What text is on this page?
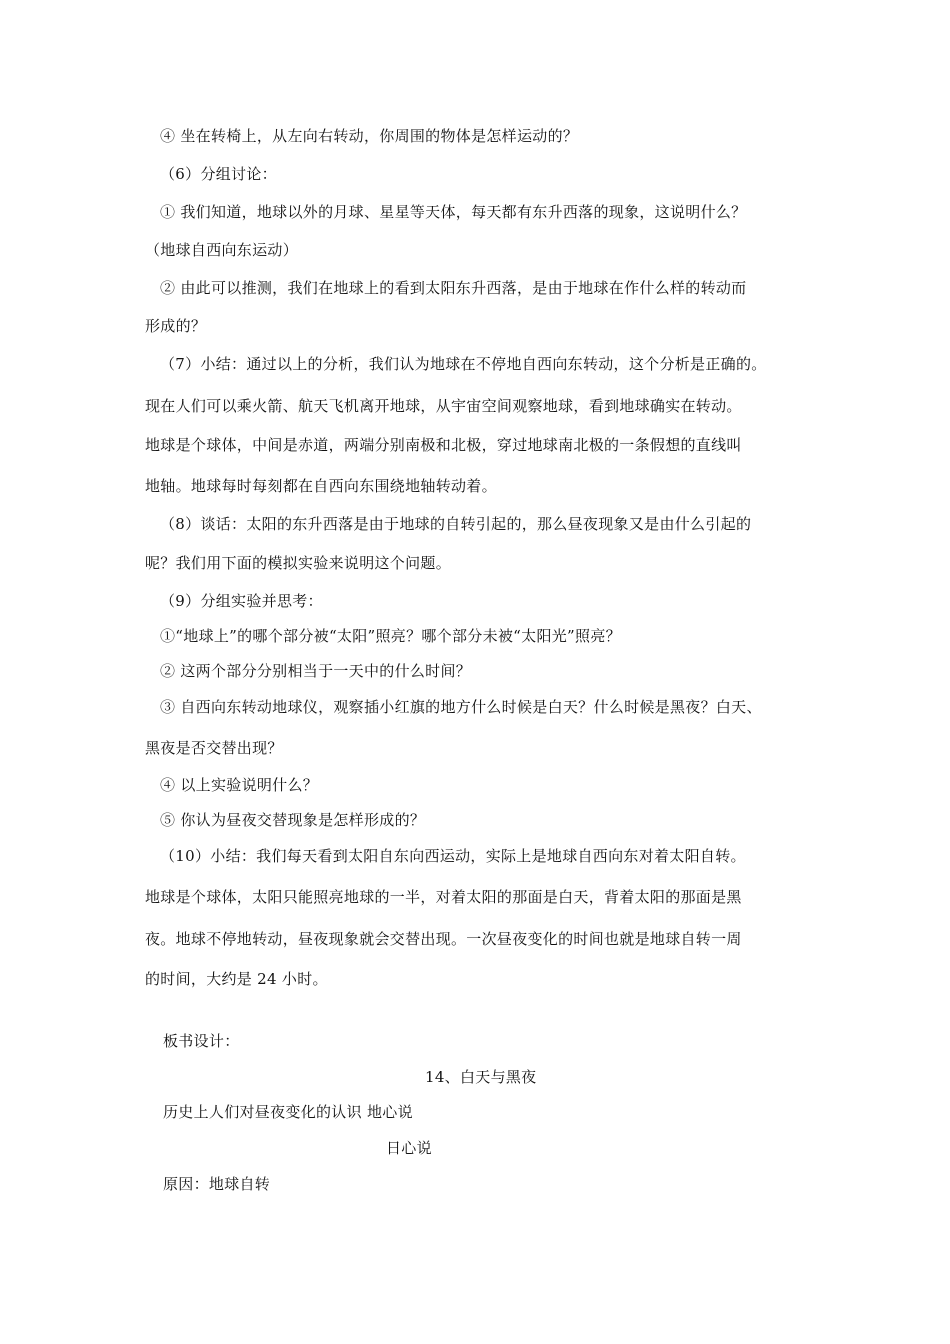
④ 坐在转椅上，从左向右转动，你周围的物体是怎样运动的？
（6）分组讨论：
① 我们知道，地球以外的月球、星星等天体，每天都有东升西落的现象，这说明什么？
（地球自西向东运动）
② 由此可以推测，我们在地球上的看到太阳东升西落，是由于地球在作什么样的转动而
形成的？
（7）小结：通过以上的分析，我们认为地球在不停地自西向东转动，这个分析是正确的。
现在人们可以乘火箭、航天飞机离开地球，从宇宙空间观察地球，看到地球确实在转动。
地球是个球体，中间是赤道，两端分别南极和北极，穿过地球南北极的一条假想的直线叫
地轴。地球每时每刻都在自西向东围绕地轴转动着。
（8）谈话：太阳的东升西落是由于地球的自转引起的，那么昼夜现象又是由什么引起的
呢？我们用下面的模拟实验来说明这个问题。
（9）分组实验并思考：
①“地球上”的哪个部分被“太阳”照亮？哪个部分未被“太阳光”照亮？
② 这两个部分分别相当于一天中的什么时间？
③ 自西向东转动地球仪，观察插小红旗的地方什么时候是白天？什么时候是黑夜？白天、
黑夜是否交替出现？
④ 以上实验说明什么？
⑤ 你认为昼夜交替现象是怎样形成的？
（10）小结：我们每天看到太阳自东向西运动，实际上是地球自西向东对着太阳自转。
地球是个球体，太阳只能照亮地球的一半，对着太阳的那面是白天，背着太阳的那面是黑
夜。地球不停地转动，昼夜现象就会交替出现。一次昼夜变化的时间也就是地球自转一周
的时间，大约是 24 小时。
板书设计：
14、白天与黑夜
历史上人们对昼夜变化的认识 地心说
日心说
原因：地球自转
